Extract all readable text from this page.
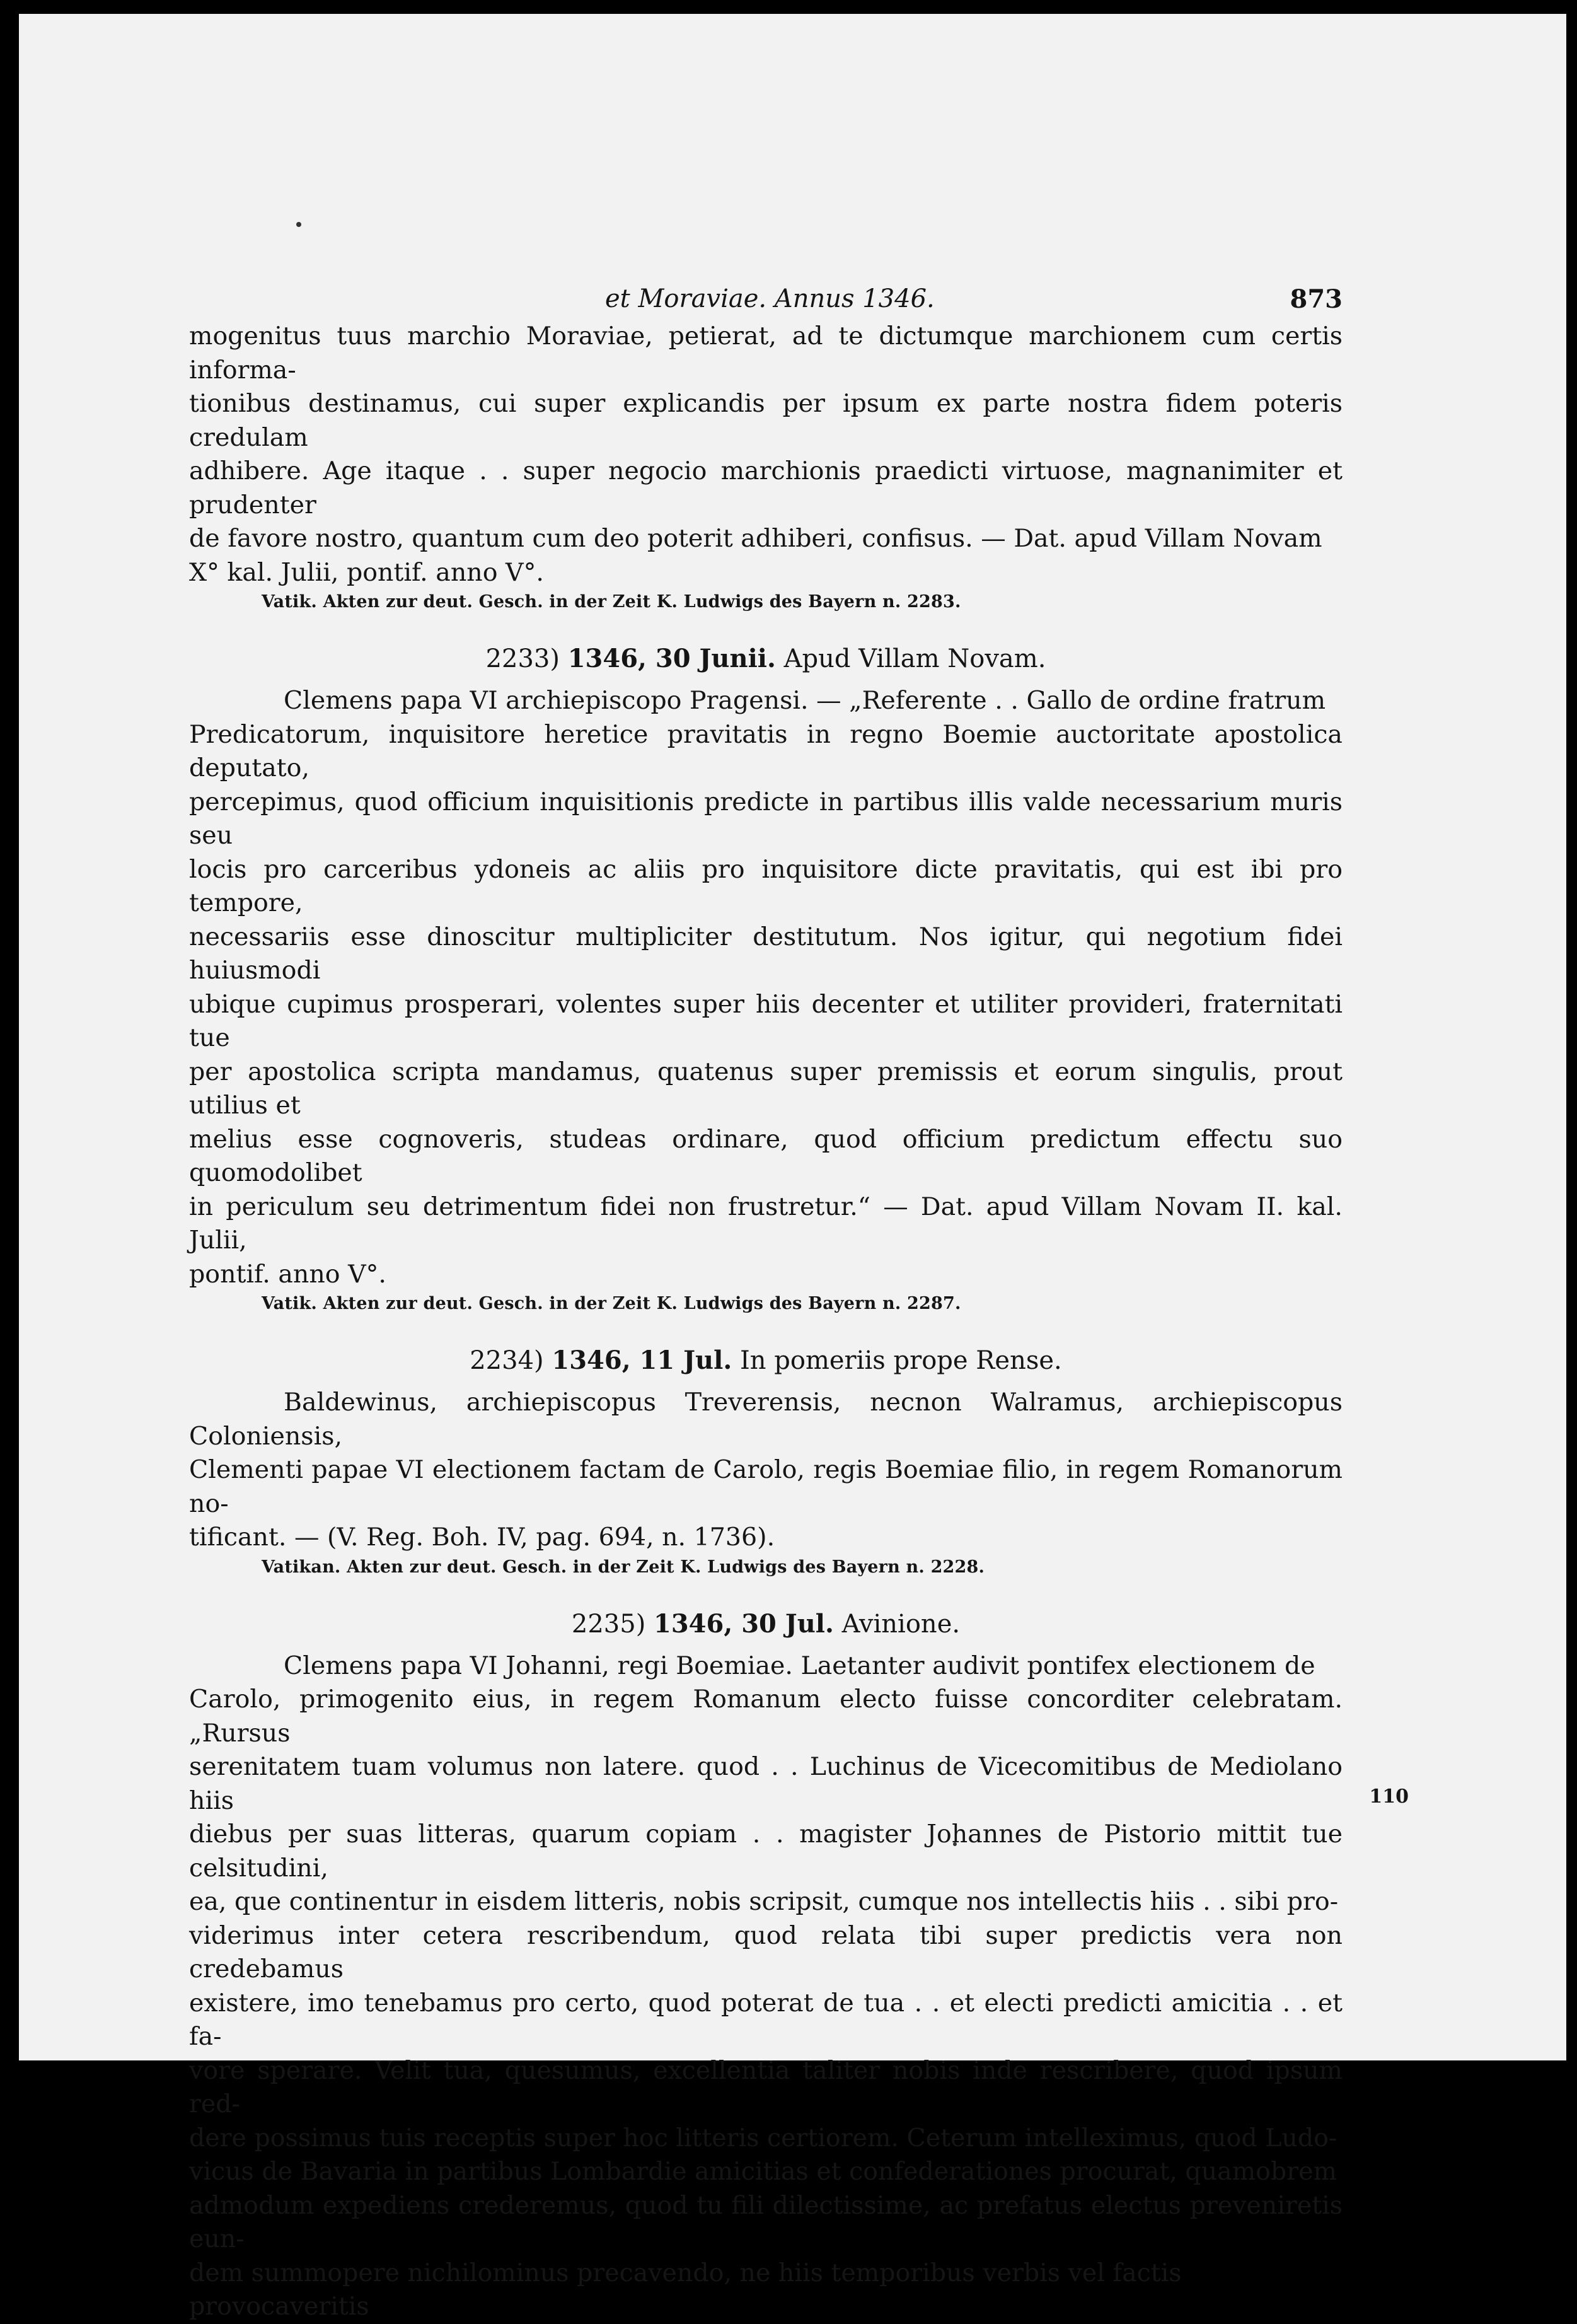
et Moraviae. Annus 1346.	873

mogenitus tuus marchio Moraviae, petierat, ad te dictumque marchionem cum certis informa-

tionibus destinamus, cui super explicandis per ipsum ex parte nostra fidem poteris credulam

adhibere. Age itaque . . super negocio marchionis praedicti virtuose, magnanimiter et prudenter

de favore nostro, quantum cum deo poterit adhiberi, confisus. — Dat. apud Villam Novam

X° kal. Julii, pontif. anno V°.

Vatik. Akten zur deut. Gesch. in der Zeit K. Ludwigs des Bayern n. 2283.
2233) 1346, 30 Junii. Apud Villam Novam.

Clemens papa VI archiepiscopo Pragensi. — „Referente . . Gallo de ordine fratrum

Predicatorum, inquisitore heretice pravitatis in regno Boemie auctoritate apostolica deputato,

percepimus, quod officium inquisitionis predicte in partibus illis valde necessarium muris seu

locis pro carceribus ydoneis ac aliis pro inquisitore dicte pravitatis, qui est ibi pro tempore,

necessariis esse dinoscitur multipliciter destitutum. Nos igitur, qui negotium fidei huiusmodi

ubique cupimus prosperari, volentes super hiis decenter et utiliter provideri, fraternitati tue

per apostolica scripta mandamus, quatenus super premissis et eorum singulis, prout utilius et

melius esse cognoveris, studeas ordinare, quod officium predictum effectu suo quomodolibet

in periculum seu detrimentum fidei non frustretur.“ — Dat. apud Villam Novam II. kal. Julii,

pontif. anno V°.

Vatik. Akten zur deut. Gesch. in der Zeit K. Ludwigs des Bayern n. 2287.
2234) 1346, 11 Jul. In pomeriis prope Rense.

Baldewinus, archiepiscopus Treverensis, necnon Walramus, archiepiscopus Coloniensis,

Clementi papae VI electionem factam de Carolo, regis Boemiae filio, in regem Romanorum no-

tificant. — (V. Reg. Boh. IV, pag. 694, n. 1736).

Vatikan. Akten zur deut. Gesch. in der Zeit K. Ludwigs des Bayern n. 2228.
2235) 1346, 30 Jul. Avinione.

Clemens papa VI Johanni, regi Boemiae. Laetanter audivit pontifex electionem de

Carolo, primogenito eius, in regem Romanum electo fuisse concorditer celebratam. „Rursus

serenitatem tuam volumus non latere. quod . . Luchinus de Vicecomitibus de Mediolano hiis

diebus per suas litteras, quarum copiam . . magister Johannes de Pistorio mittit tue celsitudini,

ea, que continentur in eisdem litteris, nobis scripsit, cumque nos intellectis hiis . . sibi pro-

viderimus inter cetera rescribendum, quod relata tibi super predictis vera non credebamus

existere, imo tenebamus pro certo, quod poterat de tua . . et electi predicti amicitia . . et fa-

vore sperare. Velit tua, quesumus, excellentia taliter nobis inde rescribere, quod ipsum red-

dere possimus tuis receptis super hoc litteris certiorem. Ceterum intelleximus, quod Ludo-

vicus de Bavaria in partibus Lombardie amicitias et confederationes procurat, quamobrem

admodum expediens crederemus, quod tu fili dilectissime, ac prefatus electus preveniretis eun-

dem summopere nichilominus precavendo, ne hiis temporibus verbis vel factis provocaveritis

110
